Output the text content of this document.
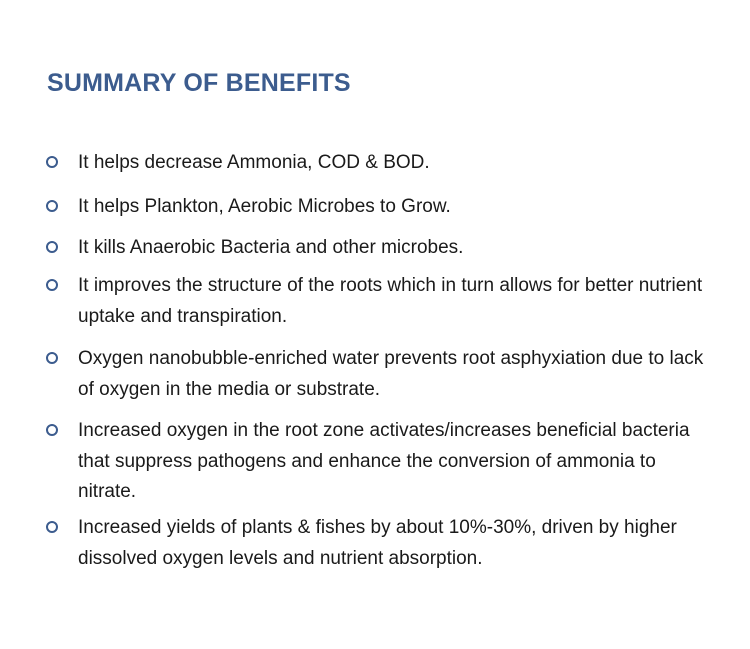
SUMMARY OF BENEFITS
It helps decrease Ammonia, COD & BOD.
It helps Plankton, Aerobic Microbes to Grow.
It kills Anaerobic Bacteria and other microbes.
It improves the structure of the roots which in turn allows for better nutrient uptake and transpiration.
Oxygen nanobubble-enriched water prevents root asphyxiation due to lack of oxygen in the media or substrate.
Increased oxygen in the root zone activates/increases beneficial bacteria that suppress pathogens and enhance the conversion of ammonia to nitrate.
Increased yields of plants & fishes by about 10%-30%, driven by higher dissolved oxygen levels and nutrient absorption.
